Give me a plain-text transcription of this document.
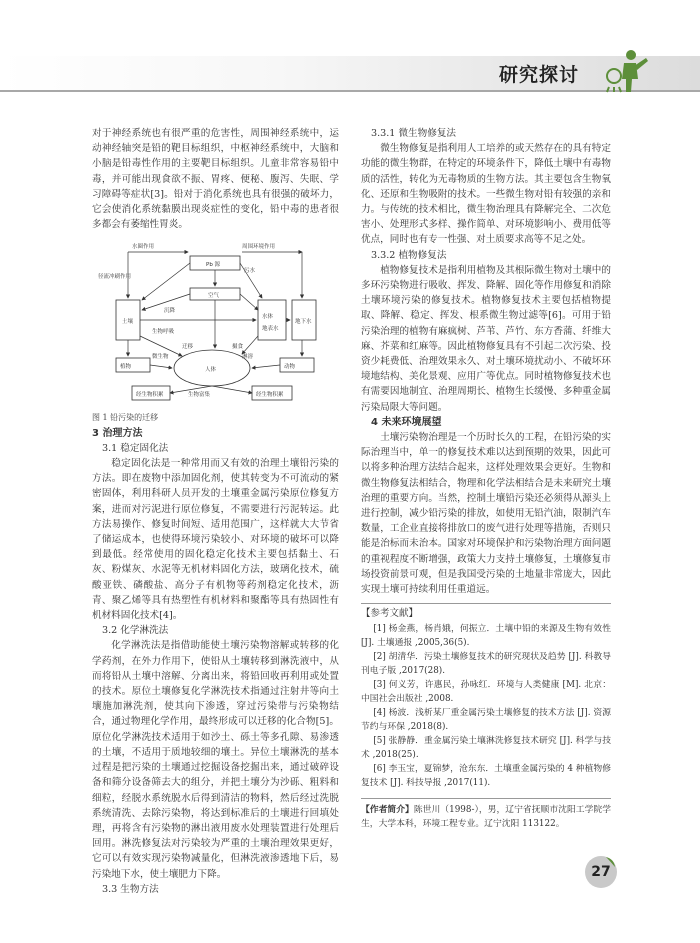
研究探讨

对于神经系统也有很严重的危害性，周围神经系统中，运动神经轴突是铅的靶目标组织，中枢神经系统中，大脑和小脑是铅毒性作用的主要靶目标组织。儿童非常容易铅中毒，并可能出现食欲不振、胃疼、便秘、腹泻、失眠、学习障碍等症状[3]。铅对于消化系统也具有很强的破坏力，它会使消化系统黏膜出现炎症性的变化，铅中毒的患者很多都会有萎缩性胃炎。

水圈作用	周围环境作用
Pb 源
空气
土壤
水体
地表水
地下水
植物	动物
人体
经生物积累	经生物积累
径流冲刷作用
污水
沉降
生物呼吸
迁移	摄食
生物富集
淋溶
微生物

图 1 铅污染的迁移

3 治理方法

3.1 稳定固化法

稳定固化法是一种常用而又有效的治理土壤铅污染的方法。即在废物中添加固化剂，使其转变为不可流动的紧密固体，利用科研人员开发的土壤重金属污染原位修复方案，进而对污泥进行原位修复，不需要进行污泥转运。此方法易操作、修复时间短、适用范围广，这样就大大节省了储运成本，也使得环境污染较小、对环境的破坏可以降到最低。经常使用的固化稳定化技术主要包括黏土、石灰、粉煤灰、水泥等无机材料固化方法，玻璃化技术，硫酸亚铁、磷酸盐、高分子有机物等药剂稳定化技术，沥青、聚乙烯等具有热塑性有机材料和聚酯等具有热固性有机材料固化技术[4]。

3.2 化学淋洗法

化学淋洗法是指借助能使土壤污染物溶解或转移的化学药剂，在外力作用下，使铅从土壤转移到淋洗液中，从而将铅从土壤中溶解、分离出来，将铅回收再利用或处置的技术。原位土壤修复化学淋洗技术指通过注射井等向土壤施加淋洗剂，使其向下渗透，穿过污染带与污染物结合，通过物理化学作用，最终形成可以迁移的化合物[5]。原位化学淋洗技术适用于如沙土、砾土等多孔隙、易渗透的土壤，不适用于质地较细的壤土。异位土壤淋洗的基本过程是把污染的土壤通过挖掘设备挖掘出来，通过破碎设备和筛分设备筛去大的组分，并把土壤分为沙砾、粗料和细粒，经脱水系统脱水后得到清洁的物料，然后经过洗脱系统清洗、去除污染物，将达到标准后的土壤进行回填处理，再将含有污染物的淋出液用废水处理装置进行处理后回用。淋洗修复法对污染较为严重的土壤治理效果更好，它可以有效实现污染物减量化，但淋洗液渗透地下后，易污染地下水，使土壤肥力下降。

3.3 生物方法

3.3.1 微生物修复法

微生物修复是指利用人工培养的或天然存在的具有特定功能的微生物群，在特定的环境条件下，降低土壤中有毒物质的活性，转化为无毒物质的生物方法。其主要包含生物氧化、还原和生物吸附的技术。一些微生物对铅有较强的亲和力。与传统的技术相比，微生物治理具有降解完全、二次危害小、处理形式多样、操作简单、对环境影响小、费用低等优点，同时也有专一性强、对土质要求高等不足之处。

3.3.2 植物修复法

植物修复技术是指利用植物及其根际微生物对土壤中的多环污染物进行吸收、挥发、降解、固化等作用修复和消除土壤环境污染的修复技术。植物修复技术主要包括植物提取、降解、稳定、挥发、根系微生物过滤等[6]。可用于铅污染治理的植物有麻疯树、芦苇、芦竹、东方香蒲、纤维大麻、芥菜和红麻等。因此植物修复具有不引起二次污染、投资少耗费低、治理效果永久、对土壤环境扰动小、不破坏环境地结构、美化景观、应用广等优点。同时植物修复技术也有需要因地制宜、治理周期长、植物生长缓慢、多种重金属污染局限大等问题。

4 未来环境展望

土壤污染物治理是一个历时长久的工程，在铅污染的实际治理当中，单一的修复技术难以达到预期的效果，因此可以将多种治理方法结合起来，这样处理效果会更好。生物和微生物修复法相结合，物理和化学法相结合是未来研究土壤治理的重要方向。当然，控制土壤铅污染还必须得从源头上进行控制，减少铅污染的排放，如使用无铅汽油，限制汽车数量，工企业直接将排放口的废气进行处理等措施，否则只能是治标而未治本。国家对环境保护和污染物治理方面问题的重视程度不断增强，政策大力支持土壤修复，土壤修复市场投资前景可观，但是我国受污染的土地量非常庞大，因此实现土壤可持续利用任重道远。

【参考文献】

[1] 杨金燕，杨肖娥，何振立．土壤中铅的来源及生物有效性 [J]. 土壤通报 ,2005,36(5).

[2] 胡清华．污染土壤修复技术的研究现状及趋势 [J]. 科教导刊电子版 ,2017(28).

[3] 何义芳，许惠民，孙咏红．环境与人类健康 [M]. 北京：中国社会出版社 ,2008.

[4] 杨波．浅析某厂重金属污染土壤修复的技术方法 [J]. 资源节约与环保 ,2018(8).

[5] 张静静．重金属污染土壤淋洗修复技术研究 [J]. 科学与技术 ,2018(25).

[6] 李玉宝，夏锦梦，沧东东．土壤重金属污染的 4 种植物修复技术 [J]. 科技导报 ,2017(11).

【作者简介】陈世川（1998-），男，辽宁省抚顺市沈阳工学院学生，大学本科，环境工程专业。辽宁沈阳 113122。
27
